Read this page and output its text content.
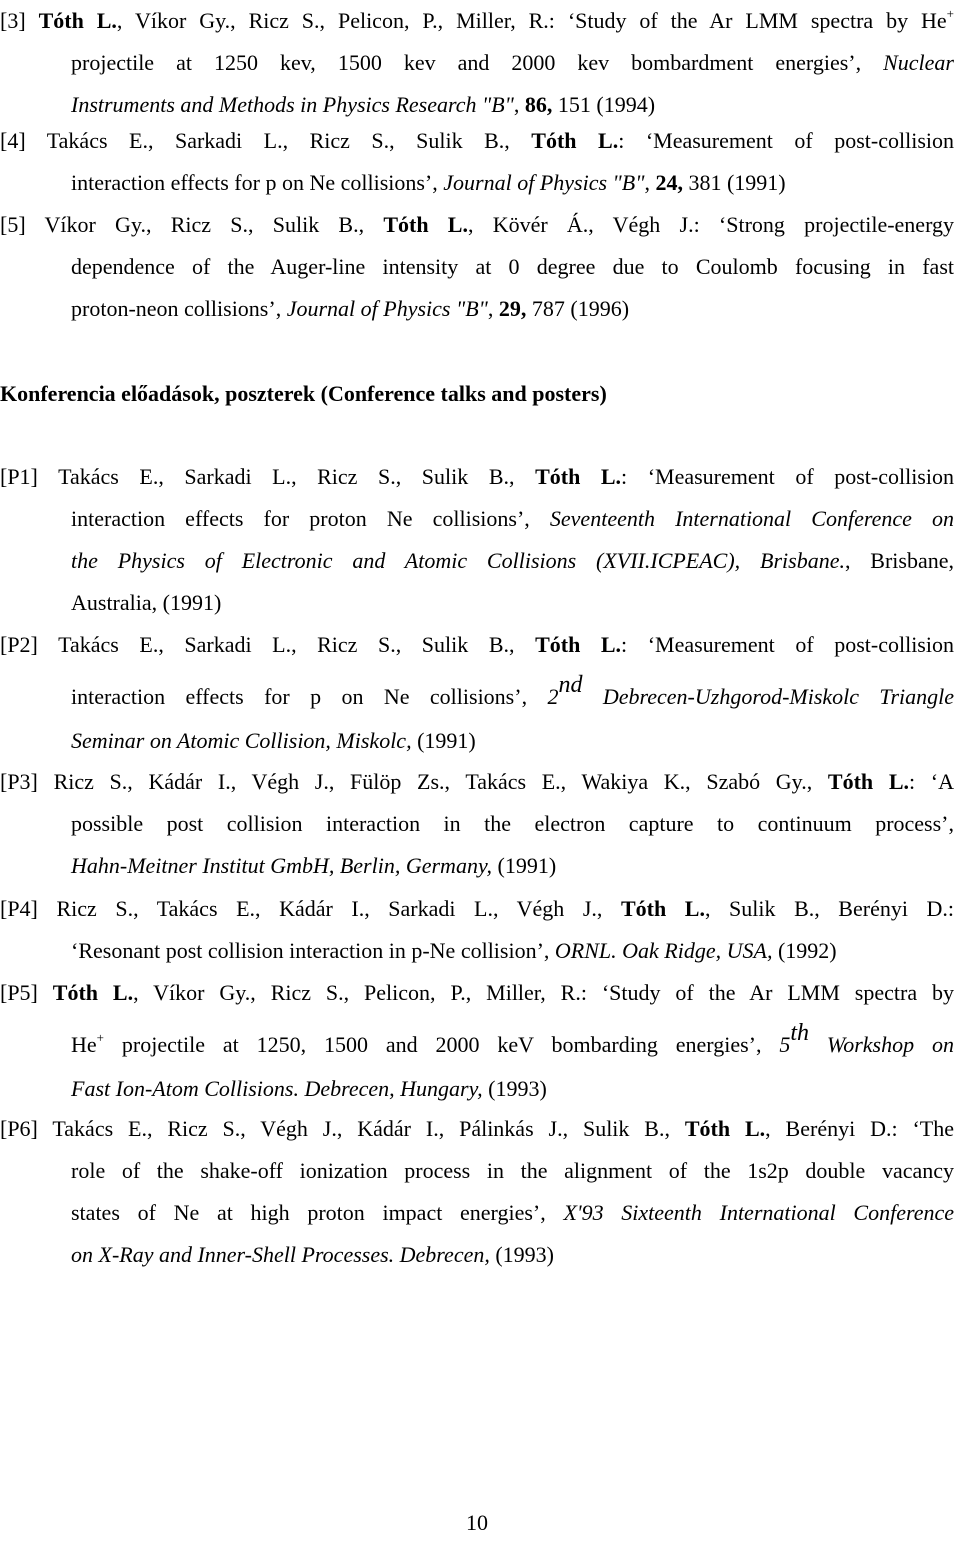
[3] Tóth L., Víkor Gy., Ricz S., Pelicon, P., Miller, R.: ‘Study of the Ar LMM spectra by He+
projectile at 1250 kev, 1500 kev and 2000 kev bombardment energies’, Nuclear
Instruments and Methods in Physics Research "B", 86, 151 (1994)
[4] Takács E., Sarkadi L., Ricz S., Sulik B., Tóth L.: ‘Measurement of post-collision
interaction effects for p on Ne collisions’, Journal of Physics "B", 24, 381 (1991)
[5] Víkor Gy., Ricz S., Sulik B., Tóth L., Kövér Á., Végh J.: ‘Strong projectile-energy
dependence of the Auger-line intensity at 0 degree due to Coulomb focusing in fast
proton-neon collisions’, Journal of Physics "B", 29, 787 (1996)
Konferencia előadások, poszterek (Conference talks and posters)
[P1] Takács E., Sarkadi L., Ricz S., Sulik B., Tóth L.: ‘Measurement of post-collision
interaction effects for proton Ne collisions’, Seventeenth International Conference on
the Physics of Electronic and Atomic Collisions (XVII.ICPEAC), Brisbane., Brisbane,
Australia, (1991)
[P2] Takács E., Sarkadi L., Ricz S., Sulik B., Tóth L.: ‘Measurement of post-collision
interaction effects for p on Ne collisions’, 2nd Debrecen-Uzhgorod-Miskolc Triangle
Seminar on Atomic Collision, Miskolc, (1991)
[P3] Ricz S., Kádár I., Végh J., Fülöp Zs., Takács E., Wakiya K., Szabó Gy., Tóth L.: ‘A
possible post collision interaction in the electron capture to continuum process’,
Hahn-Meitner Institut GmbH, Berlin, Germany, (1991)
[P4] Ricz S., Takács E., Kádár I., Sarkadi L., Végh J., Tóth L., Sulik B., Berényi D.:
‘Resonant post collision interaction in p-Ne collision’, ORNL. Oak Ridge, USA, (1992)
[P5] Tóth L., Víkor Gy., Ricz S., Pelicon, P., Miller, R.: ‘Study of the Ar LMM spectra by
He+ projectile at 1250, 1500 and 2000 keV bombarding energies’, 5th Workshop on
Fast Ion-Atom Collisions. Debrecen, Hungary, (1993)
[P6] Takács E., Ricz S., Végh J., Kádár I., Pálinkás J., Sulik B., Tóth L., Berényi D.: ‘The
role of the shake-off ionization process in the alignment of the 1s2p double vacancy
states of Ne at high proton impact energies’, X'93 Sixteenth International Conference
on X-Ray and Inner-Shell Processes. Debrecen, (1993)
10
